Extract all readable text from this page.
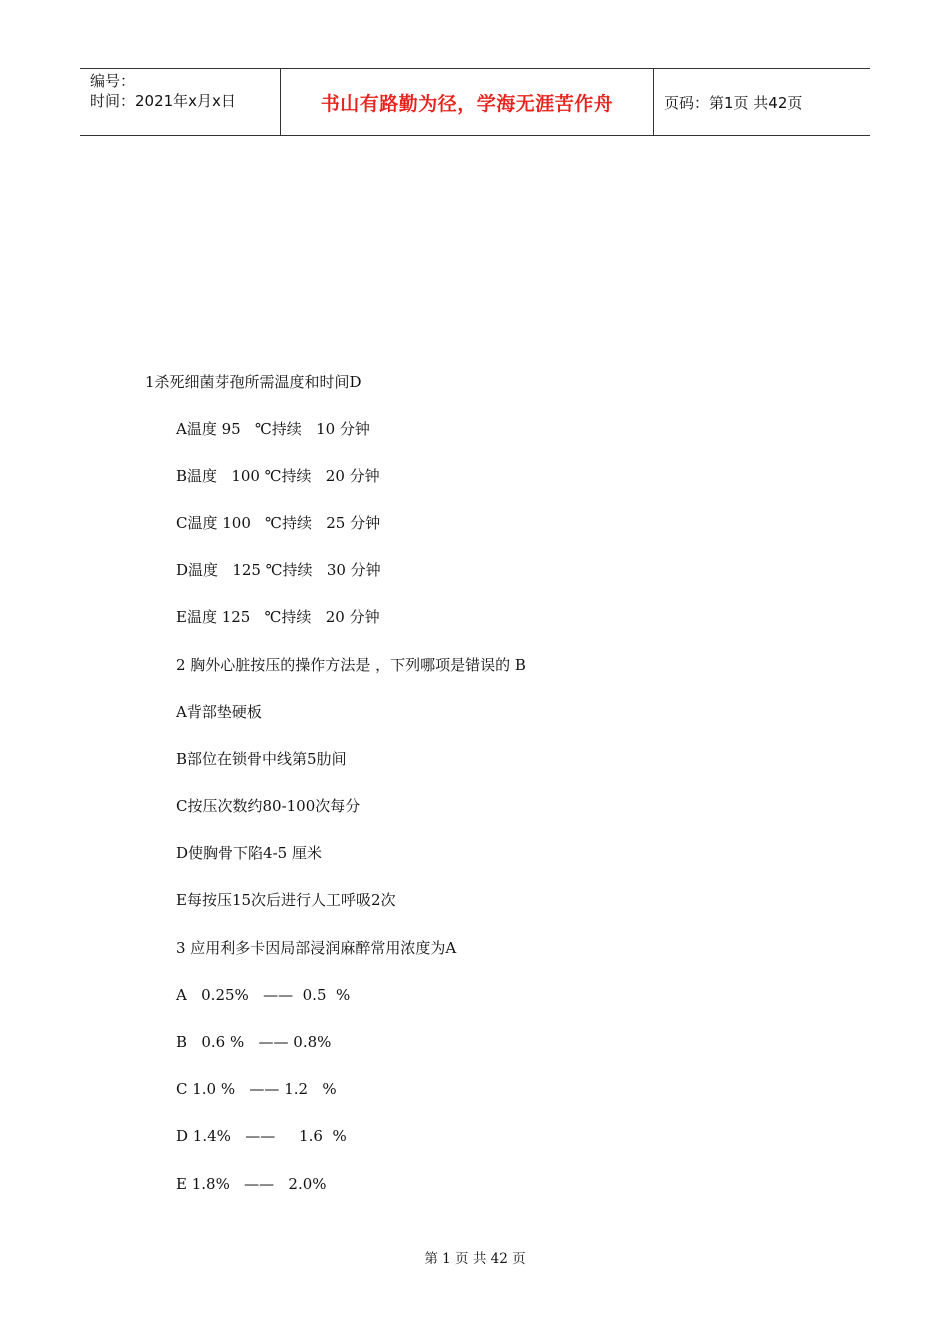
编号：
时间：2021年x月x日	书山有路勤为径，学海无涯苦作舟	页码：第1页 共42页
1杀死细菌芽孢所需温度和时间D
A温度 95   ℃持续   10 分钟
B温度   100 ℃持续   20 分钟
C温度 100   ℃持续   25 分钟
D温度   125 ℃持续   30 分钟
E温度 125   ℃持续   20 分钟
2 胸外心脏按压的操作方法是 ，下列哪项是错误的 B
A背部垫硬板
B部位在锁骨中线第5肋间
C按压次数约80-100次每分
D使胸骨下陷4-5 厘米
E每按压15次后进行人工呼吸2次
3 应用利多卡因局部浸润麻醉常用浓度为A
A   0.25%   ——  0.5  %
B   0.6 %   —— 0.8%
C 1.0 %   —— 1.2   %
D 1.4%   ——     1.6  %
E 1.8%   ——   2.0%
第 1 页 共 42 页
